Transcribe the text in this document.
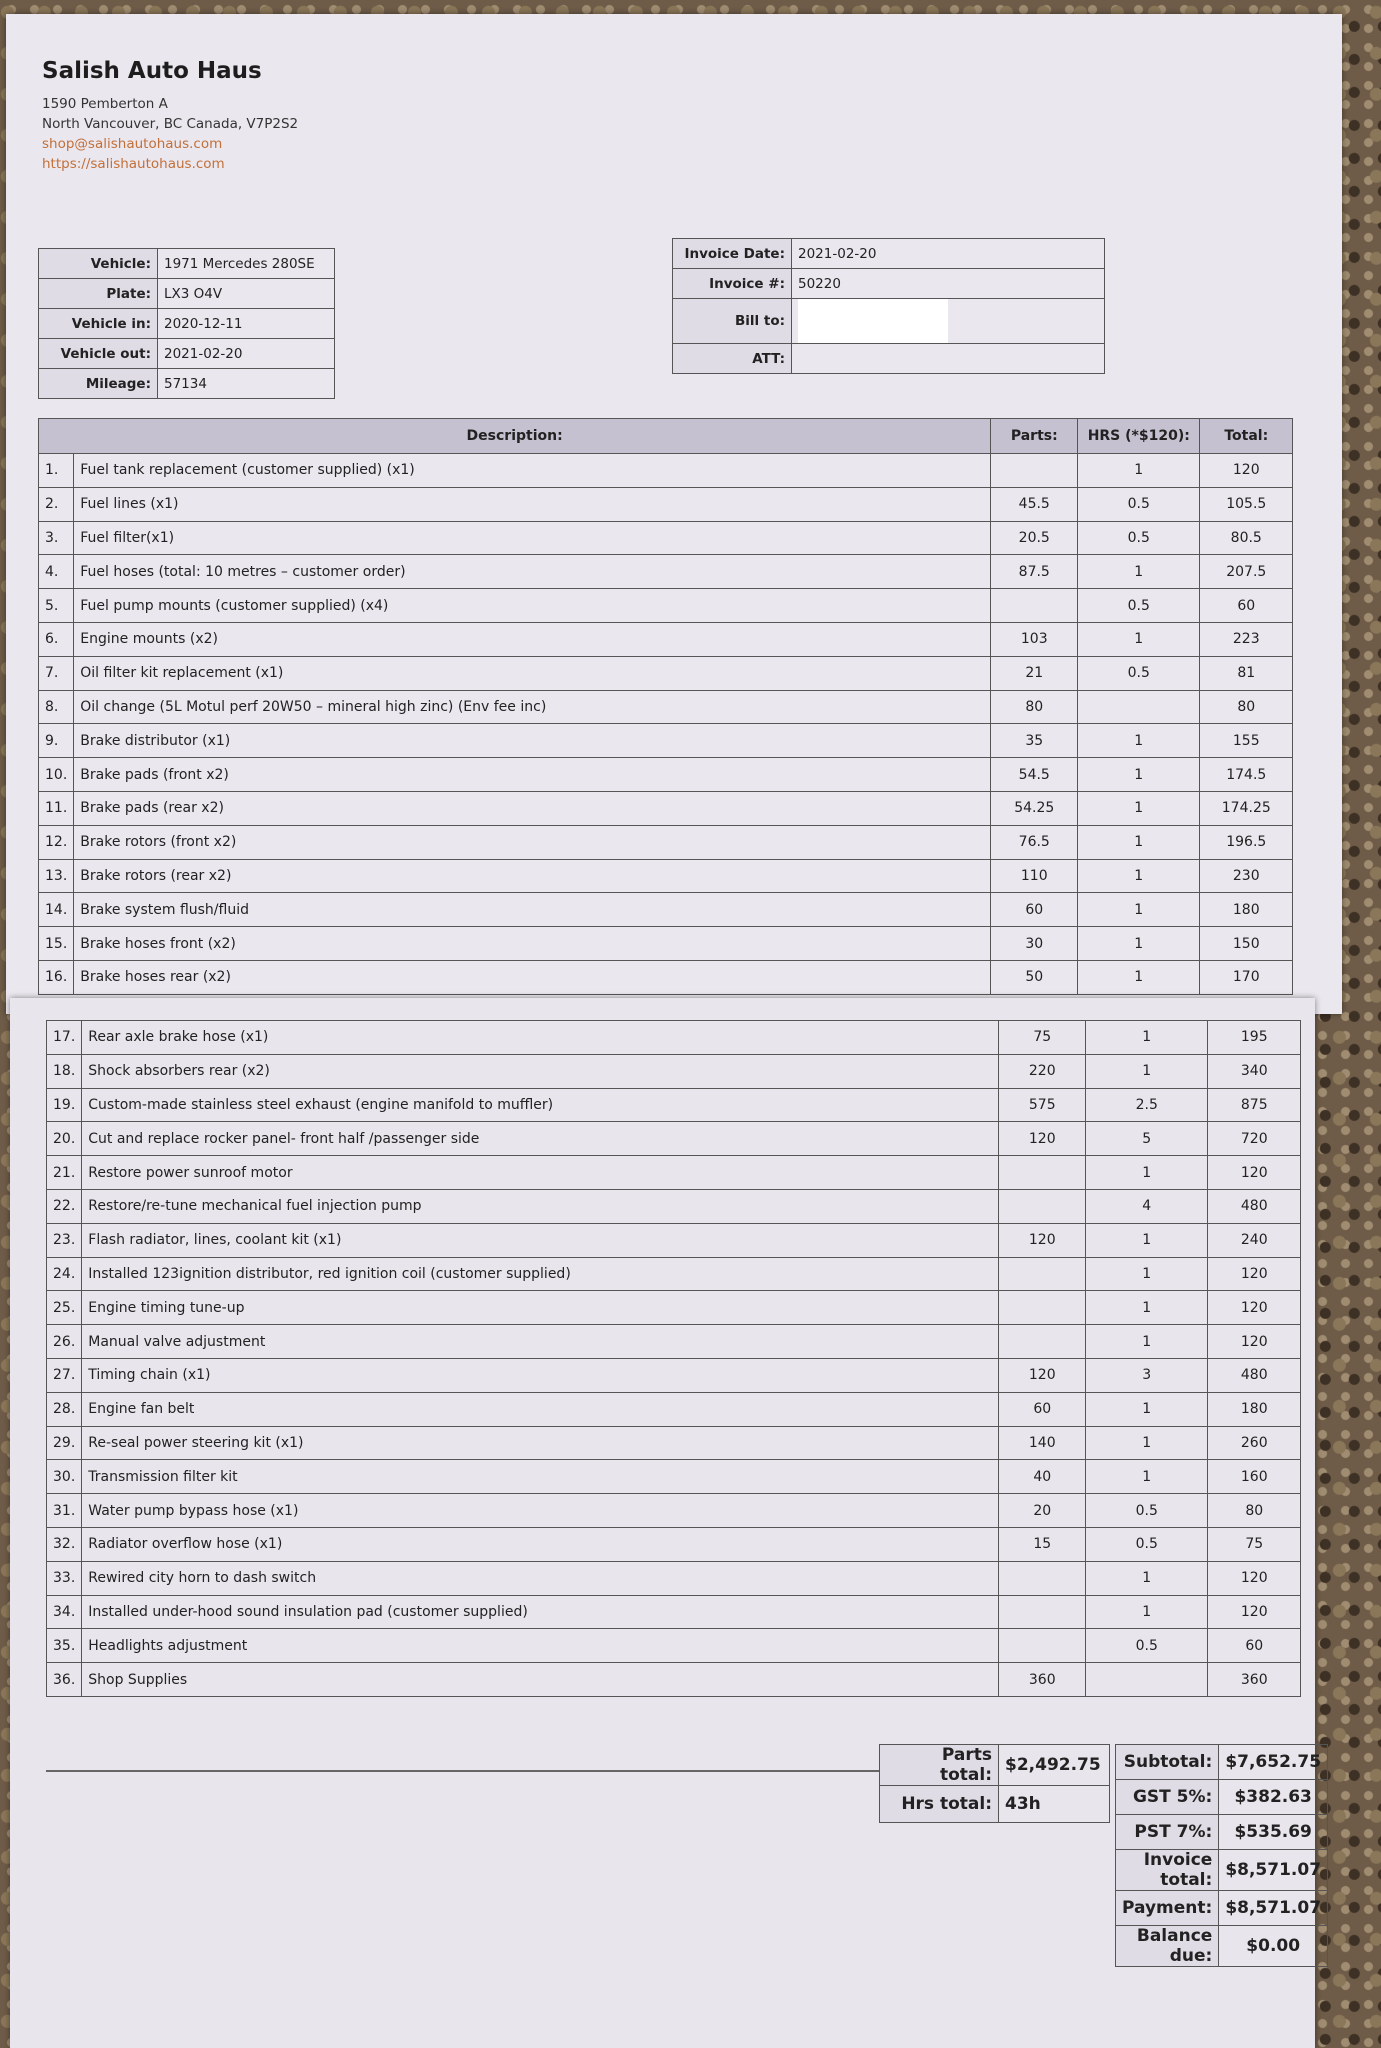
Salish Auto Haus
1590 Pemberton A
North Vancouver, BC Canada, V7P2S2
shop@salishautohaus.com
https://salishautohaus.com
Vehicle:	1971 Mercedes 280SE
Plate:	LX3 O4V
Vehicle in:	2020-12-11
Vehicle out:	2021-02-20
Mileage:	57134
Invoice Date:	2021-02-20
Invoice #:	50220
Bill to:	
ATT:	
Description:		Parts:	HRS (*$120):	Total:
1.	Fuel tank replacement (customer supplied) (x1)		1	120
2.	Fuel lines (x1)	45.5	0.5	105.5
3.	Fuel filter(x1)	20.5	0.5	80.5
4.	Fuel hoses (total: 10 metres – customer order)	87.5	1	207.5
5.	Fuel pump mounts (customer supplied) (x4)		0.5	60
6.	Engine mounts (x2)	103	1	223
7.	Oil filter kit replacement (x1)	21	0.5	81
8.	Oil change (5L Motul perf 20W50 – mineral high zinc) (Env fee inc)	80		80
9.	Brake distributor (x1)	35	1	155
10.	Brake pads (front x2)	54.5	1	174.5
11.	Brake pads (rear x2)	54.25	1	174.25
12.	Brake rotors (front x2)	76.5	1	196.5
13.	Brake rotors (rear x2)	110	1	230
14.	Brake system flush/fluid	60	1	180
15.	Brake hoses front (x2)	30	1	150
16.	Brake hoses rear (x2)	50	1	170
17.	Rear axle brake hose (x1)	75	1	195
18.	Shock absorbers rear (x2)	220	1	340
19.	Custom-made stainless steel exhaust (engine manifold to muffler)	575	2.5	875
20.	Cut and replace rocker panel- front half /passenger side	120	5	720
21.	Restore power sunroof motor		1	120
22.	Restore/re-tune mechanical fuel injection pump		4	480
23.	Flash radiator, lines, coolant kit (x1)	120	1	240
24.	Installed 123ignition distributor, red ignition coil (customer supplied)		1	120
25.	Engine timing tune-up		1	120
26.	Manual valve adjustment		1	120
27.	Timing chain (x1)	120	3	480
28.	Engine fan belt	60	1	180
29.	Re-seal power steering kit (x1)	140	1	260
30.	Transmission filter kit	40	1	160
31.	Water pump bypass hose (x1)	20	0.5	80
32.	Radiator overflow hose (x1)	15	0.5	75
33.	Rewired city horn to dash switch		1	120
34.	Installed under-hood sound insulation pad (customer supplied)		1	120
35.	Headlights adjustment		0.5	60
36.	Shop Supplies	360		360
Parts total:	$2,492.75
Hrs total:	43h
Subtotal:	$7,652.75
GST 5%:	$382.63
PST 7%:	$535.69
Invoice total:	$8,571.07
Payment:	$8,571.07
Balance due:	$0.00
